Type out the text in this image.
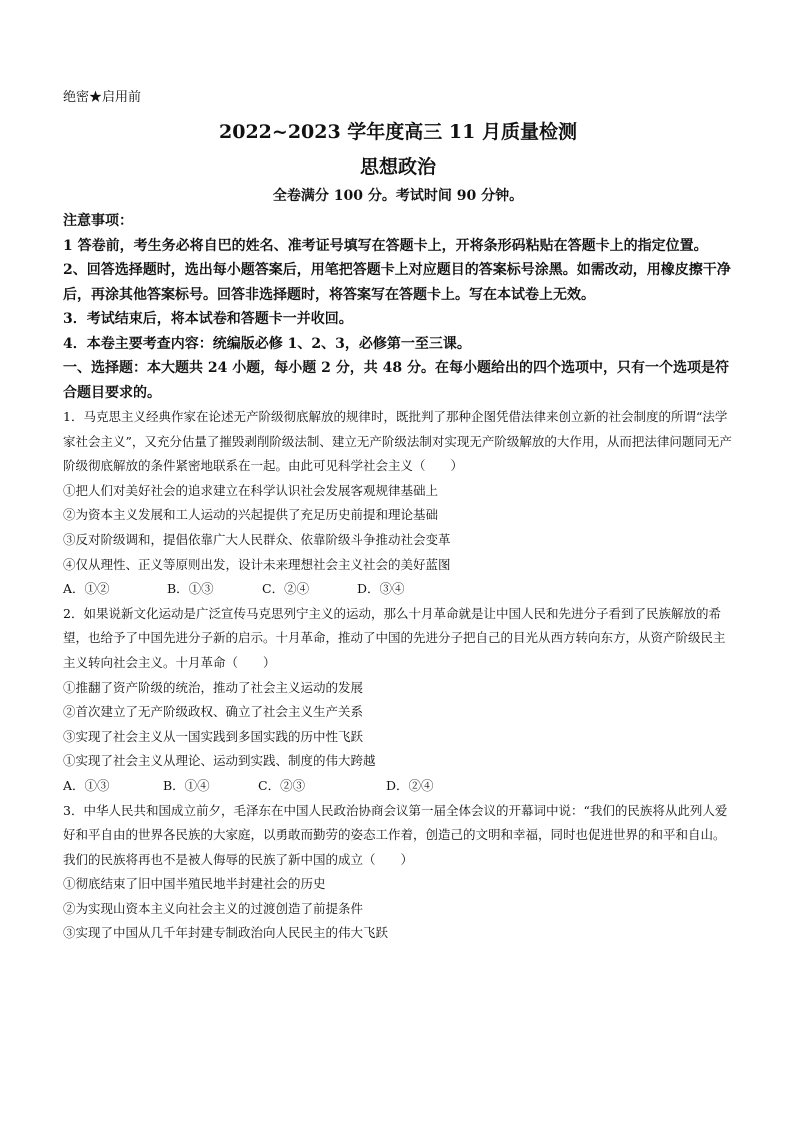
绝密★启用前

2022~2023 学年度高三 11 月质量检测

思想政治

全卷满分 100 分。考试时间 90 分钟。

注意事项：

1 答卷前，考生务必将自巴的姓名、准考证号填写在答题卡上，开将条形码粘贴在答题卡上的指定位置。

2、回答选择题时，选出每小题答案后，用笔把答题卡上对应题目的答案标号涂黑。如需改动，用橡皮擦干净后，再涂其他答案标号。回答非选择题时，将答案写在答题卡上。写在本试卷上无效。

3．考试结束后，将本试卷和答题卡一并收回。

4．本卷主要考查内容：统编版必修 1、2、3，必修第一至三课。

一、选择题：本大题共 24 小题，每小题 2 分，共 48 分。在每小题给出的四个选项中，只有一个选项是符合题目要求的。

1．马克思主义经典作家在论述无产阶级彻底解放的规律时，既批判了那种企图凭借法律来创立新的社会制度的所谓“法学家社会主义”，又充分估量了摧毁剥削阶级法制、建立无产阶级法制对实现无产阶级解放的大作用，从而把法律问题同无产阶级彻底解放的条件紧密地联系在一起。由此可见科学社会主义（　　）

①把人们对美好社会的追求建立在科学认识社会发展客观规律基础上

②为资本主义发展和工人运动的兴起提供了充足历史前提和理论基础

③反对阶级调和，提倡依靠广大人民群众、依靠阶级斗争推动社会变革

④仅从理性、正义等原则出发，设计未来理想社会主义社会的美好蓝图

A．①②	B．①③	C．②④	D．③④

2．如果说新文化运动是广泛宣传马克思列宁主义的运动，那么十月革命就是让中国人民和先进分子看到了民族解放的希望，也给予了中国先进分子新的启示。十月革命，推动了中国的先进分子把自己的目光从西方转向东方，从资产阶级民主主义转向社会主义。十月革命（　　）

①推翻了资产阶级的统治，推动了社会主义运动的发展

②首次建立了无产阶级政权、确立了社会主义生产关系

③实现了社会主义从一国实践到多国实践的历中性飞跃

①实现了社会主义从理论、运动到实践、制度的伟大跨越

A．①③	B．①④	C．②③	D．②④

3．中华人民共和国成立前夕，毛泽东在中国人民政治协商会议第一届全体会议的开幕词中说：“我们的民族将从此列人爱好和平自由的世界各民族的大家庭，以勇敢而勤劳的姿态工作着，创造己的文明和幸福，同时也促进世界的和平和自山。我们的民族将再也不是被人侮辱的民族了新中国的成立（　　）

①彻底结束了旧中国半殖民地半封建社会的历史

②为实现山资本主义向社会主义的过渡创造了前提条件

③实现了中国从几千年封建专制政治向人民民主的伟大飞跃
